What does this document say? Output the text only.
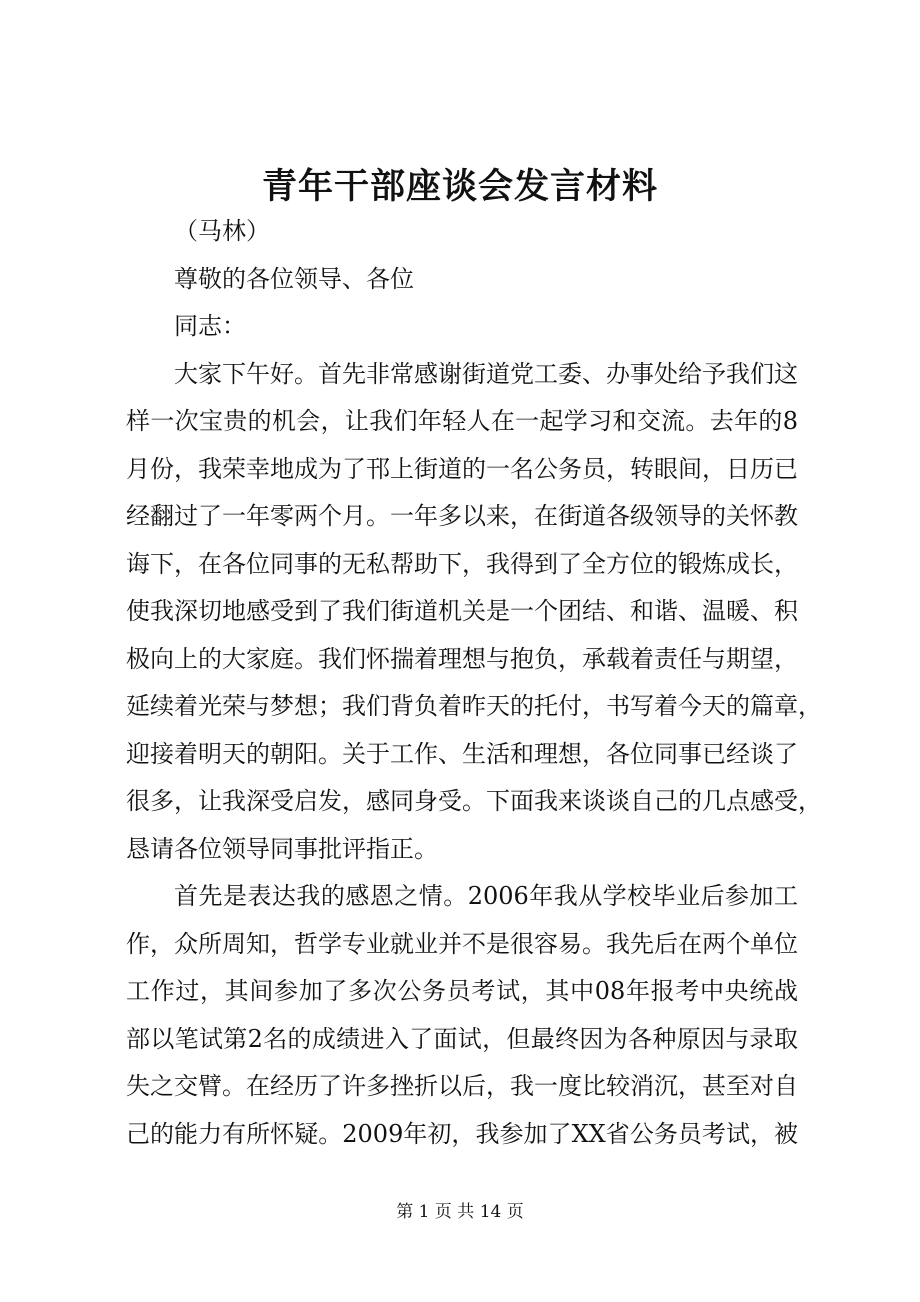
青年干部座谈会发言材料
（马林）
尊敬的各位领导、各位
同志：
大家下午好。首先非常感谢街道党工委、办事处给予我们这
样一次宝贵的机会，让我们年轻人在一起学习和交流。去年的8
月份，我荣幸地成为了邗上街道的一名公务员，转眼间，日历已
经翻过了一年零两个月。一年多以来，在街道各级领导的关怀教
诲下，在各位同事的无私帮助下，我得到了全方位的锻炼成长，
使我深切地感受到了我们街道机关是一个团结、和谐、温暖、积
极向上的大家庭。我们怀揣着理想与抱负，承载着责任与期望，
延续着光荣与梦想；我们背负着昨天的托付，书写着今天的篇章，
迎接着明天的朝阳。关于工作、生活和理想，各位同事已经谈了
很多，让我深受启发，感同身受。下面我来谈谈自己的几点感受，
恳请各位领导同事批评指正。
首先是表达我的感恩之情。2006年我从学校毕业后参加工
作，众所周知，哲学专业就业并不是很容易。我先后在两个单位
工作过，其间参加了多次公务员考试，其中08年报考中央统战
部以笔试第2名的成绩进入了面试，但最终因为各种原因与录取
失之交臂。在经历了许多挫折以后，我一度比较消沉，甚至对自
己的能力有所怀疑。2009年初，我参加了XX省公务员考试，被
第 1 页 共 14 页
